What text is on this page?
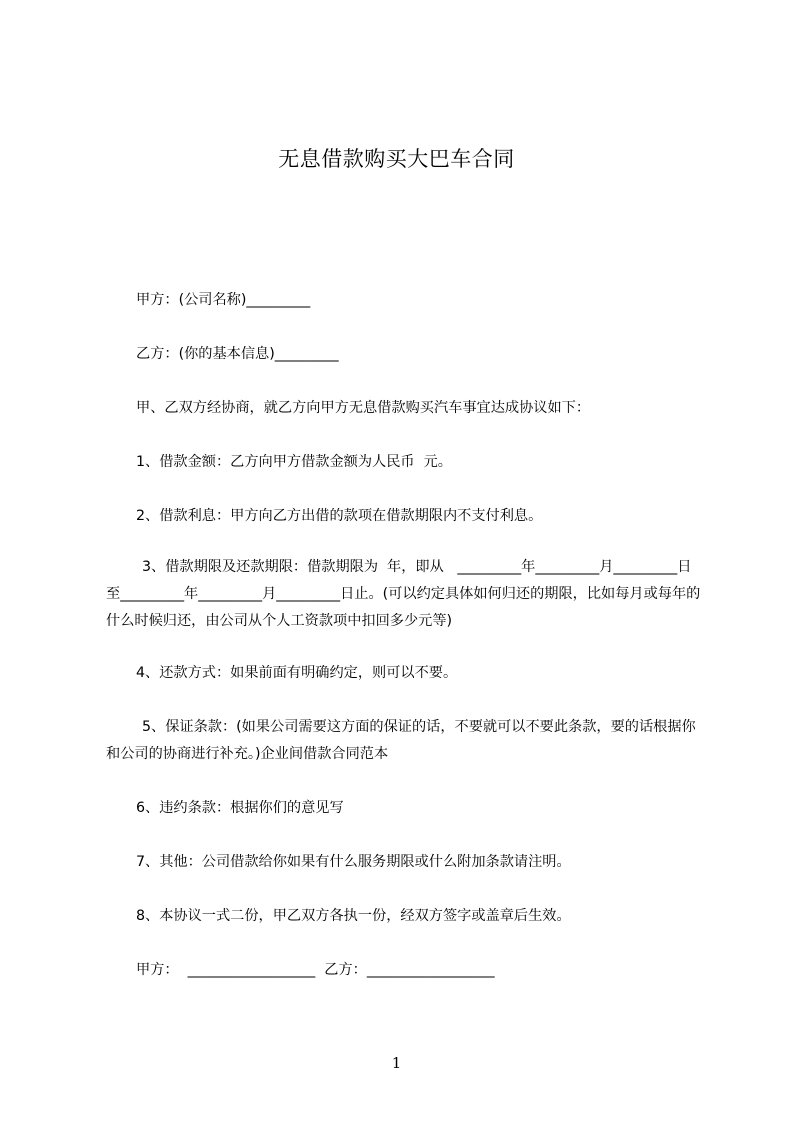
无息借款购买大巴车合同
甲方：(公司名称)_________
乙方：(你的基本信息)_________
甲、乙双方经协商，就乙方向甲方无息借款购买汽车事宜达成协议如下：
1、借款金额：乙方向甲方借款金额为人民币  元。
2、借款利息：甲方向乙方出借的款项在借款期限内不支付利息。
3、借款期限及还款期限：借款期限为  年，即从   _________年_________月_________日至_________年_________月_________日止。(可以约定具体如何归还的期限，比如每月或每年的什么时候归还，由公司从个人工资款项中扣回多少元等)
4、还款方式：如果前面有明确约定，则可以不要。
5、保证条款：(如果公司需要这方面的保证的话，不要就可以不要此条款，要的话根据你和公司的协商进行补充。)企业间借款合同范本
6、违约条款：根据你们的意见写
7、其他：公司借款给你如果有什么服务期限或什么附加条款请注明。
8、本协议一式二份，甲乙双方各执一份，经双方签字或盖章后生效。
甲方：  __________________  乙方：__________________
1
